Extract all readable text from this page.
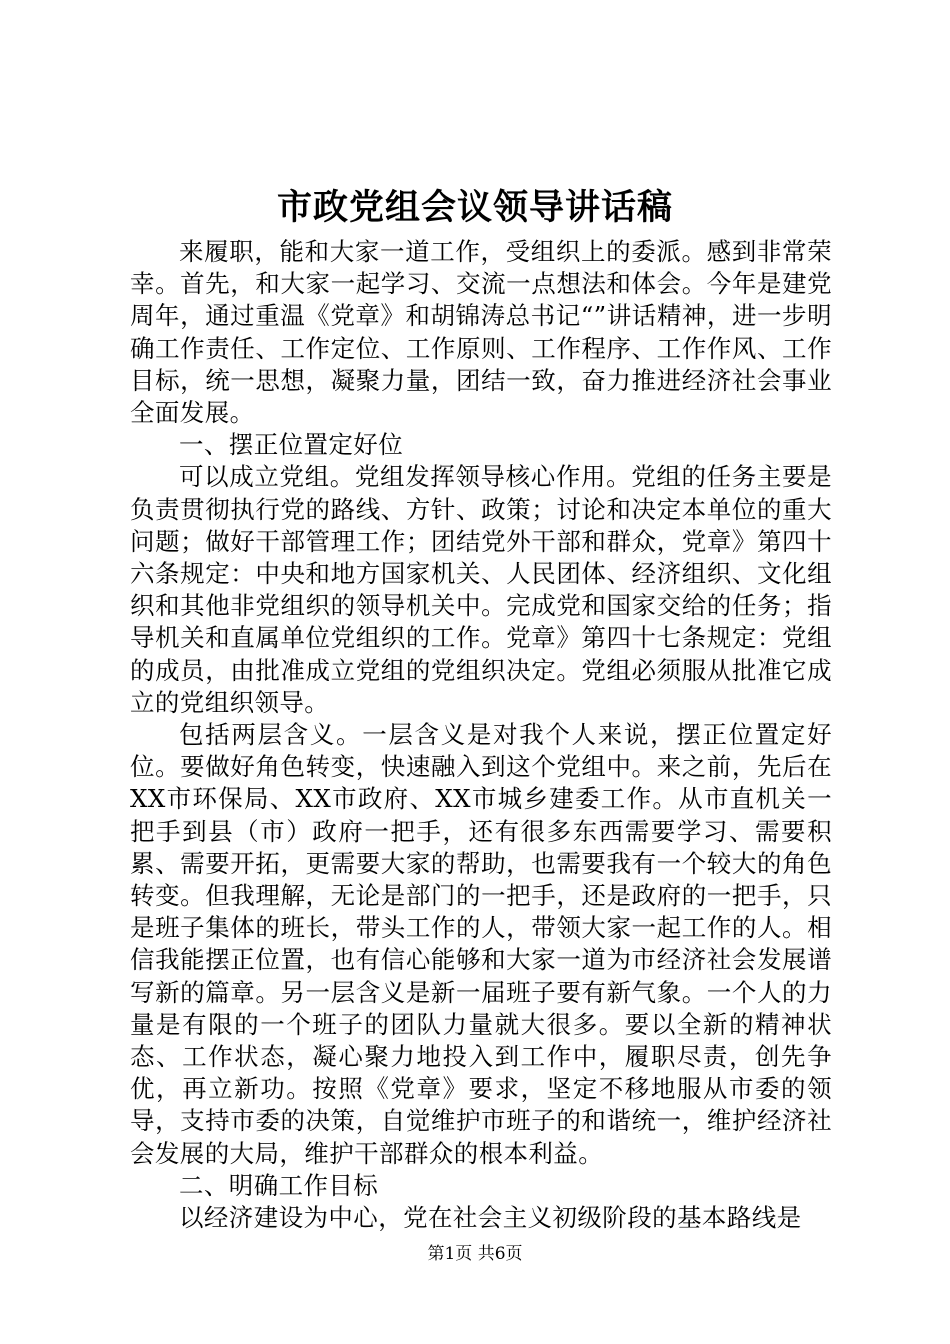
市政党组会议领导讲话稿

来履职，能和大家一道工作，受组织上的委派。感到非常荣幸。首先，和大家一起学习、交流一点想法和体会。今年是建党周年，通过重温《党章》和胡锦涛总书记“”讲话精神，进一步明确工作责任、工作定位、工作原则、工作程序、工作作风、工作目标，统一思想，凝聚力量，团结一致，奋力推进经济社会事业全面发展。

一、摆正位置定好位

可以成立党组。党组发挥领导核心作用。党组的任务主要是负责贯彻执行党的路线、方针、政策；讨论和决定本单位的重大问题；做好干部管理工作；团结党外干部和群众，党章》第四十六条规定：中央和地方国家机关、人民团体、经济组织、文化组织和其他非党组织的领导机关中。完成党和国家交给的任务；指导机关和直属单位党组织的工作。党章》第四十七条规定：党组的成员，由批准成立党组的党组织决定。党组必须服从批准它成立的党组织领导。

包括两层含义。一层含义是对我个人来说，摆正位置定好位。要做好角色转变，快速融入到这个党组中。来之前，先后在XX市环保局、XX市政府、XX市城乡建委工作。从市直机关一把手到县（市）政府一把手，还有很多东西需要学习、需要积累、需要开拓，更需要大家的帮助，也需要我有一个较大的角色转变。但我理解，无论是部门的一把手，还是政府的一把手，只是班子集体的班长，带头工作的人，带领大家一起工作的人。相信我能摆正位置，也有信心能够和大家一道为市经济社会发展谱写新的篇章。另一层含义是新一届班子要有新气象。一个人的力量是有限的一个班子的团队力量就大很多。要以全新的精神状态、工作状态，凝心聚力地投入到工作中，履职尽责，创先争优，再立新功。按照《党章》要求，坚定不移地服从市委的领导，支持市委的决策，自觉维护市班子的和谐统一，维护经济社会发展的大局，维护干部群众的根本利益。

二、明确工作目标

以经济建设为中心，党在社会主义初级阶段的基本路线是

第1页 共6页
